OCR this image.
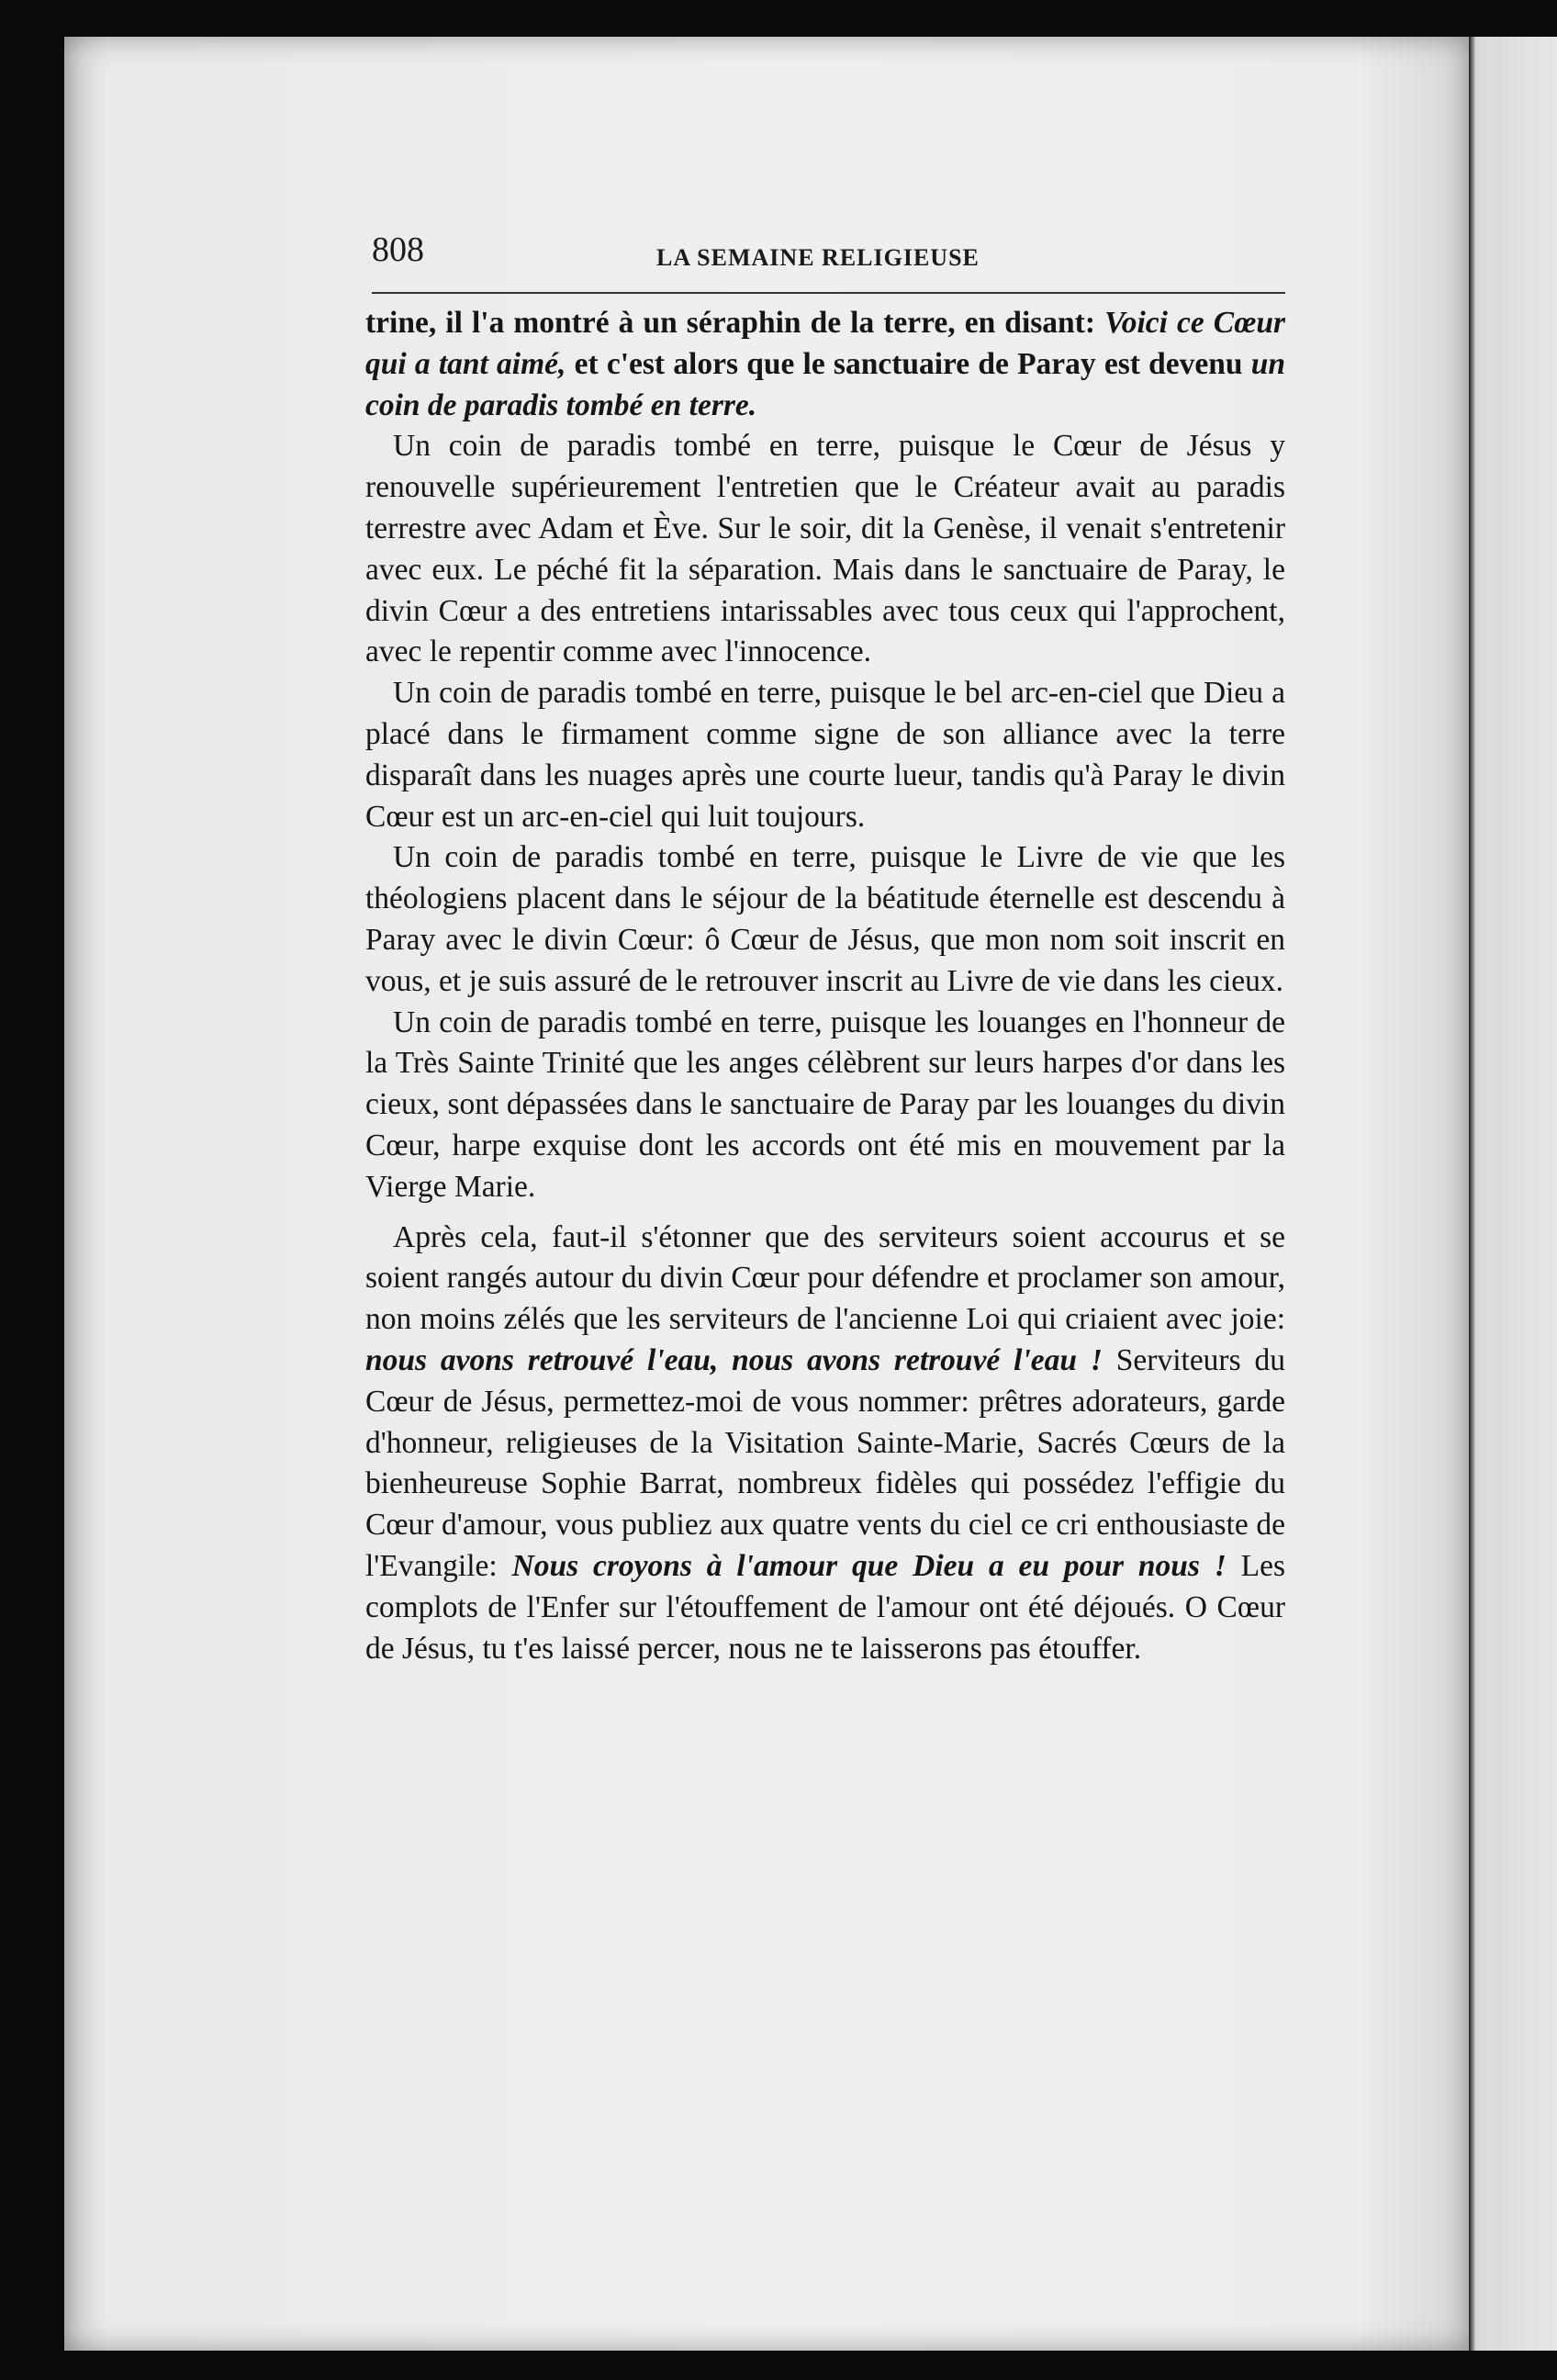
808	LA SEMAINE RELIGIEUSE

trine, il l'a montré à un séraphin de la terre, en disant: Voici ce Cœur qui a tant aimé, et c'est alors que le sanctuaire de Paray est devenu un coin de paradis tombé en terre.

Un coin de paradis tombé en terre, puisque le Cœur de Jésus y renouvelle supérieurement l'entretien que le Créateur avait au paradis terrestre avec Adam et Ève. Sur le soir, dit la Genèse, il venait s'entretenir avec eux. Le péché fit la séparation. Mais dans le sanctuaire de Paray, le divin Cœur a des entretiens intarissables avec tous ceux qui l'approchent, avec le repentir comme avec l'innocence.

Un coin de paradis tombé en terre, puisque le bel arc-en-ciel que Dieu a placé dans le firmament comme signe de son alliance avec la terre disparaît dans les nuages après une courte lueur, tandis qu'à Paray le divin Cœur est un arc-en-ciel qui luit toujours.

Un coin de paradis tombé en terre, puisque le Livre de vie que les théologiens placent dans le séjour de la béatitude éternelle est descendu à Paray avec le divin Cœur: ô Cœur de Jésus, que mon nom soit inscrit en vous, et je suis assuré de le retrouver inscrit au Livre de vie dans les cieux.

Un coin de paradis tombé en terre, puisque les louanges en l'honneur de la Très Sainte Trinité que les anges célèbrent sur leurs harpes d'or dans les cieux, sont dépassées dans le sanctuaire de Paray par les louanges du divin Cœur, harpe exquise dont les accords ont été mis en mouvement par la Vierge Marie.

Après cela, faut-il s'étonner que des serviteurs soient accourus et se soient rangés autour du divin Cœur pour défendre et proclamer son amour, non moins zélés que les serviteurs de l'ancienne Loi qui criaient avec joie: nous avons retrouvé l'eau, nous avons retrouvé l'eau ! Serviteurs du Cœur de Jésus, permettez-moi de vous nommer: prêtres adorateurs, garde d'honneur, religieuses de la Visitation Sainte-Marie, Sacrés Cœurs de la bienheureuse Sophie Barrat, nombreux fidèles qui possédez l'effigie du Cœur d'amour, vous publiez aux quatre vents du ciel ce cri enthousiaste de l'Evangile: Nous croyons à l'amour que Dieu a eu pour nous ! Les complots de l'Enfer sur l'étouffement de l'amour ont été déjoués. O Cœur de Jésus, tu t'es laissé percer, nous ne te laisserons pas étouffer.
